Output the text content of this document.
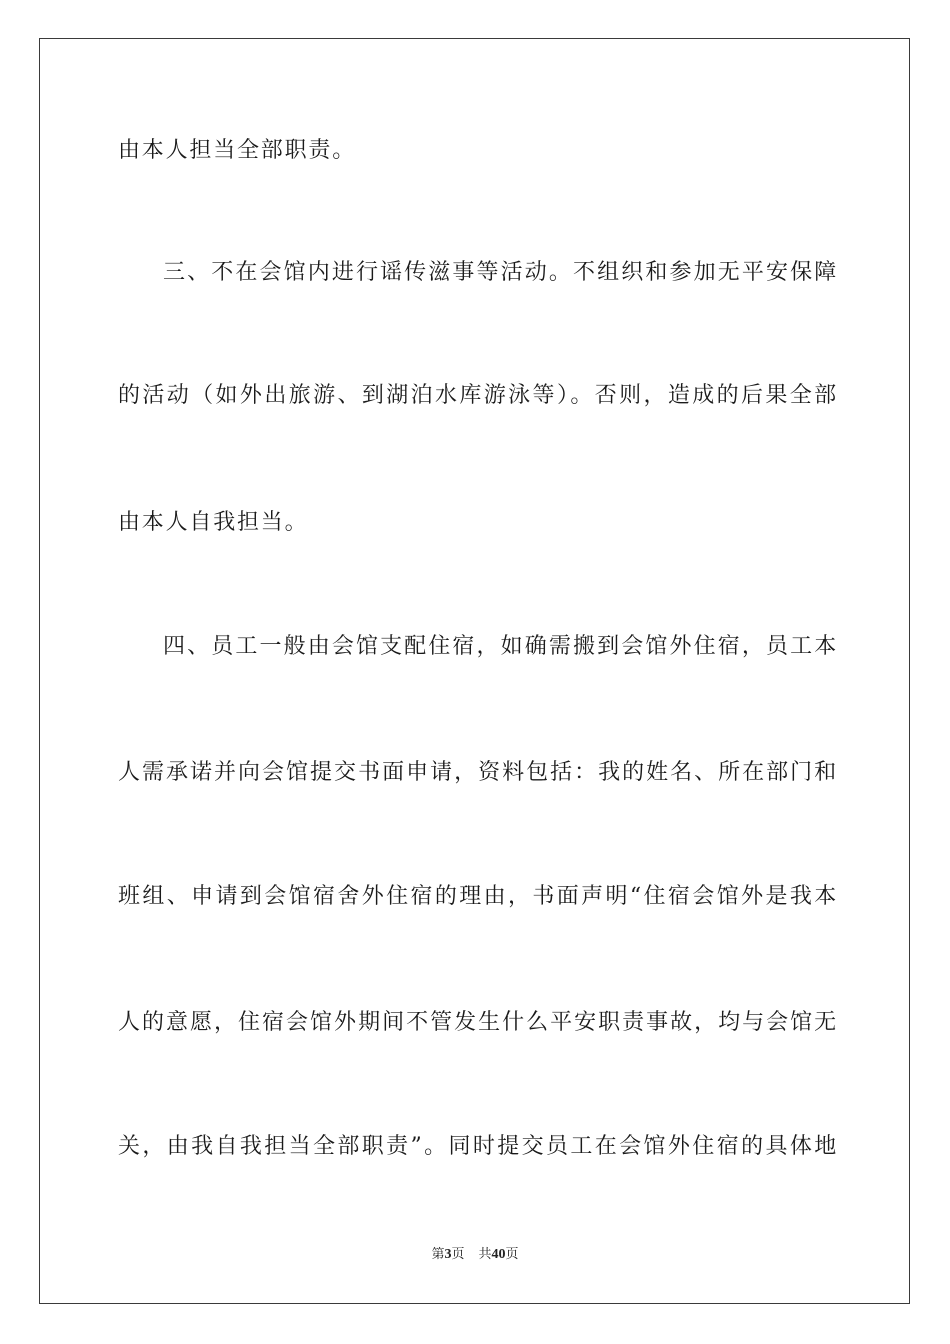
由本人担当全部职责。
三、不在会馆内进行谣传滋事等活动。不组织和参加无平安保障
的活动（如外出旅游、到湖泊水库游泳等）。否则，造成的后果全部
由本人自我担当。
四、员工一般由会馆支配住宿，如确需搬到会馆外住宿，员工本
人需承诺并向会馆提交书面申请，资料包括：我的姓名、所在部门和
班组、申请到会馆宿舍外住宿的理由，书面声明“住宿会馆外是我本
人的意愿，住宿会馆外期间不管发生什么平安职责事故，均与会馆无
关，由我自我担当全部职责”。同时提交员工在会馆外住宿的具体地
第3页 共40页
